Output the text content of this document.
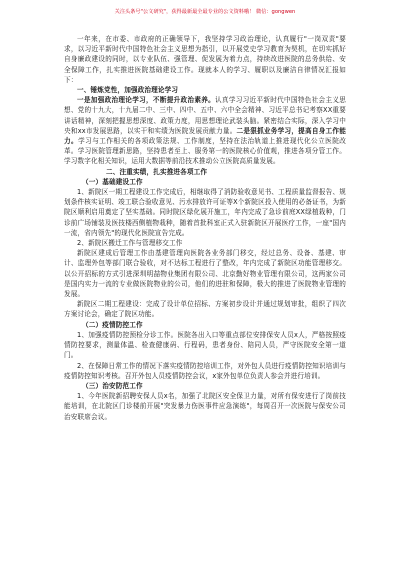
关注头条号"公文研究"，获得最新最全最专业的公文资料哦！ 微信：gongwen

一年来，在市委、市政府的正确领导下，我坚持学习政治理论，认真履行"一岗双责"要求，以习近平新时代中国特色社会主义思想为指引，以开展党史学习教育为契机，在切实抓好自身廉政建设的同时，以专业队伍、强管理、促发展为着力点，持续改进医院的总务供给、安全保障工作，扎实推进医院基础建设工作。现就本人的学习、履职以及廉洁自律情况汇报如下：

一、锤炼党性，加强政治理论学习

一是加强政治理论学习，不断提升政治素养。认真学习习近平新时代中国特色社会主义思想、党的十九大，十九届二中、三中、四中、五中、六中全会精神、习近平总书记考察XX重要讲话精神，深刻把握思想深度、政策力度，用思想理论武装头脑。紧密结合实际，深入学习中央和xx市发展思路，以实干和实绩为医院发展贡献力量。二是狠抓业务学习，提高自身工作能力。学习与工作相关的各项政策法规、工作制度，坚持在法治轨道上推进现代化公立医院改革。学习医院管理新思路，坚持患者至上、服务第一的医院核心价值观，推进各项分管工作。学习数字化相关知识，运用大数据等前沿技术推动公立医院高质量发展。

二、注重实绩，扎实推进各项工作

（一）基础建设工作

1、新院区一期工程建设工作完成后，相继取得了消防验收意见书、工程质量监督报告、规划条件核实证明、竣工联合验收意见、污水排放许可证等X个新院区投入使用的必备证书，为新院区顺利启用奠定了坚实基础。同时院区绿化展开施工，年内完成了急诊前庭XX绿植栽种，门诊前广场铺装及医技楼西侧植物栽种，随着首批科室正式入驻新院区开展医疗工作，一座"国内一流，省内领先"的现代化医院宣告完成。

2、新院区搬迁工作与管理移交工作

新院区建成后管理工作由基建管理向医院各业务部门移交，经过总务、设备、基建、审计、监理外包等部门联合验收，对不达标工程进行了整改，年内完成了新院区功能管理移交。以公开招标的方式引进深圳明喆物业集团有限公司、北京勤好物业管理有限公司，这两家公司是国内实力一流的专业做医院物业的公司，他们的进驻和保障，极大的推进了医院物业管理的发展。

新院区二期工程建设：完成了设计单位招标、方案初步设计并通过规划审批，组织了四次方案讨论会，确定了院区功能。

（二）疫情防控工作

1、加强疫情防控预检分诊工作。医院各出入口等重点部位安排保安人员x人，严格按照疫情防控要求，测量体温、检查健康码、行程码，患者身份、陪同人员，严守医院安全第一道门。

2、在保障日常工作的情况下落实疫情防控培训工作，对外包人员进行疫情防控知识培训与疫情防控知识考核。召开外包人员疫情防控会议，x家外包单位负责人参会并进行培训。

（三）治安防范工作

1、今年医院新招聘安保人员x名，加强了北院区安全保卫力量，对所有保安进行了岗前技能培训，在北院区门诊楼前开展"突发暴力伤医事件应急演练"，每周召开一次医院与保安公司治安联席会议。
